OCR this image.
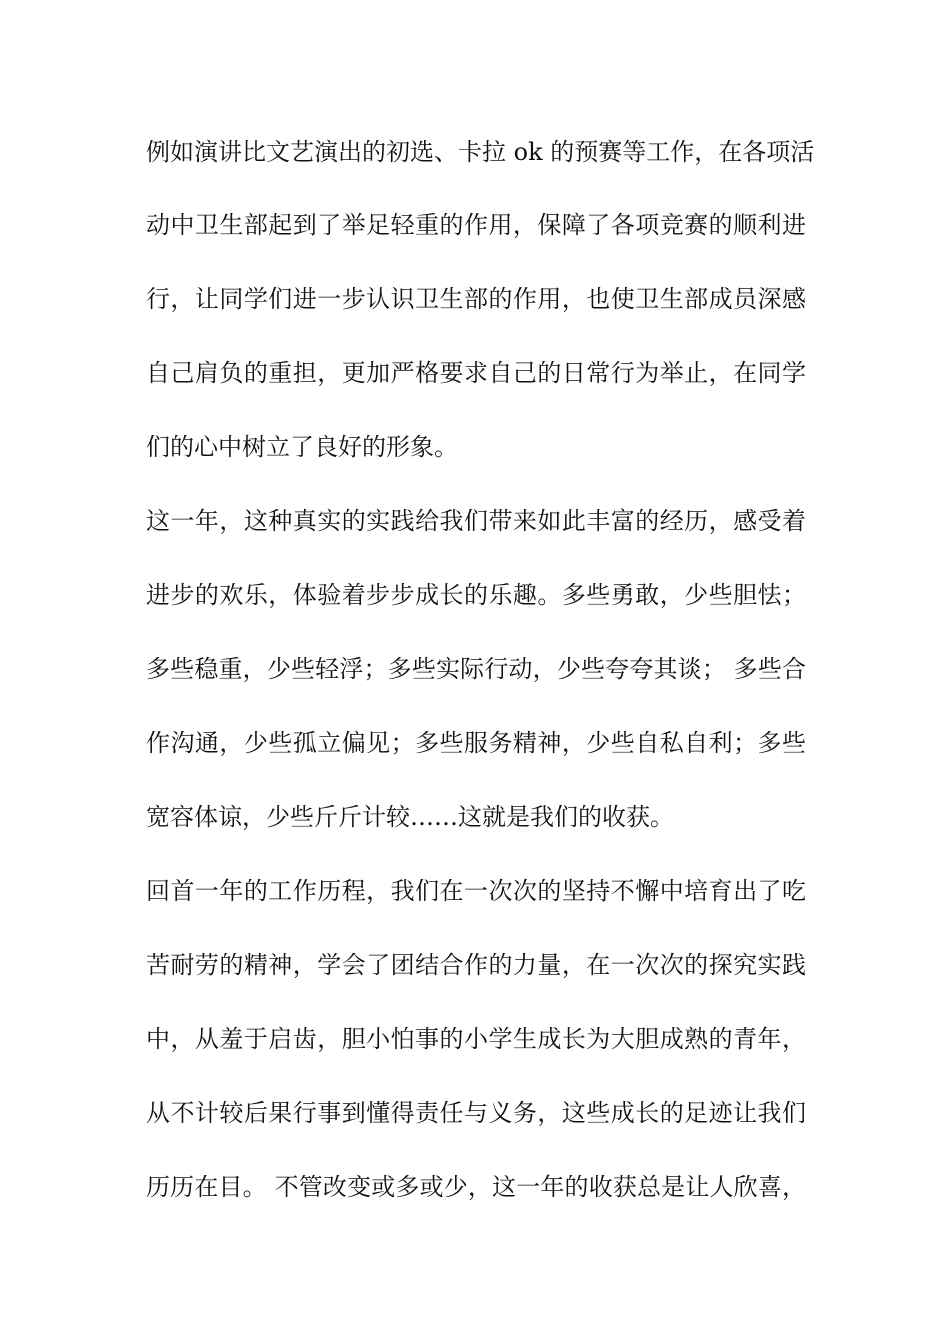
例如演讲比文艺演出的初选、卡拉 ok 的预赛等工作，在各项活
动中卫生部起到了举足轻重的作用，保障了各项竞赛的顺利进
行，让同学们进一步认识卫生部的作用，也使卫生部成员深感
自己肩负的重担，更加严格要求自己的日常行为举止，在同学
们的心中树立了良好的形象。
这一年，这种真实的实践给我们带来如此丰富的经历，感受着
进步的欢乐，体验着步步成长的乐趣。多些勇敢，少些胆怯；
多些稳重，少些轻浮；多些实际行动，少些夸夸其谈； 多些合
作沟通，少些孤立偏见；多些服务精神，少些自私自利；多些
宽容体谅，少些斤斤计较……这就是我们的收获。
回首一年的工作历程，我们在一次次的坚持不懈中培育出了吃
苦耐劳的精神，学会了团结合作的力量，在一次次的探究实践
中，从羞于启齿，胆小怕事的小学生成长为大胆成熟的青年，
从不计较后果行事到懂得责任与义务，这些成长的足迹让我们
历历在目。 不管改变或多或少，这一年的收获总是让人欣喜，
